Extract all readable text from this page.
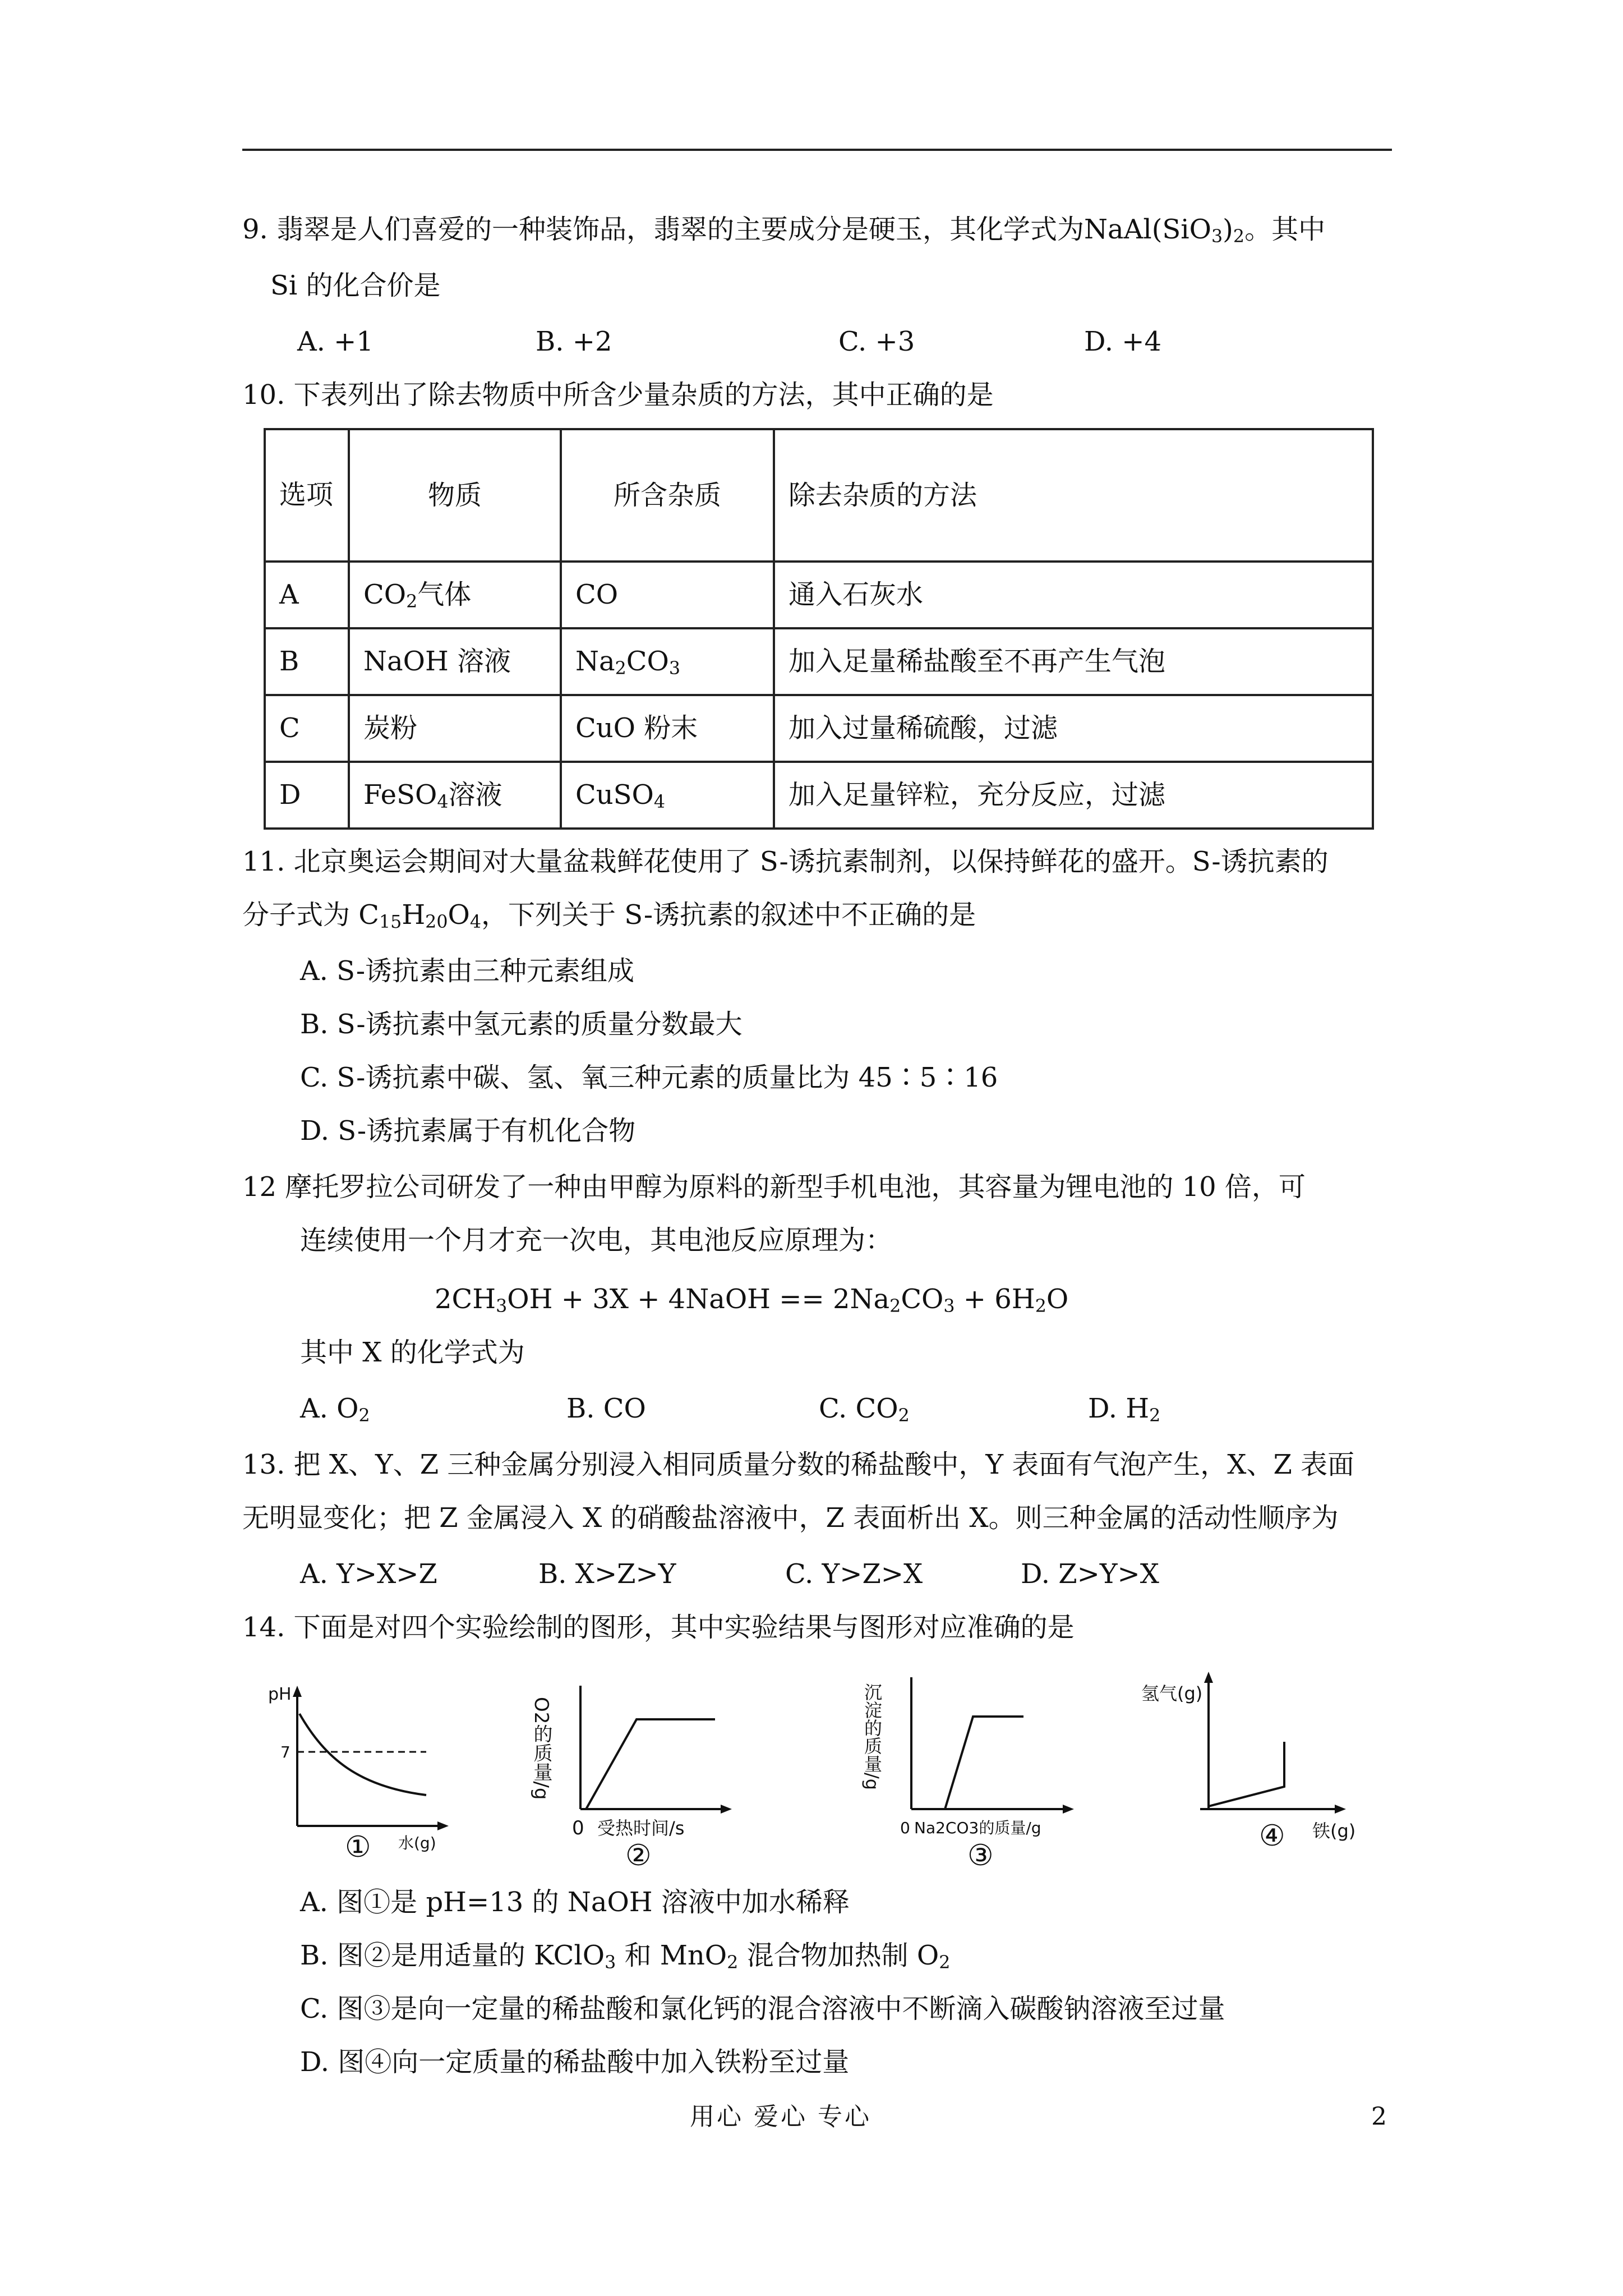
9. 翡翠是人们喜爱的一种装饰品，翡翠的主要成分是硬玉，其化学式为$NaAl(SiO_3)_2$。其中
Si 的化合价是
A. +1	B. +2	C. +3	D. +4
10. 下表列出了除去物质中所含少量杂质的方法，其中正确的是
选项	物质	所含杂质	除去杂质的方法
A	$CO_2$气体	CO	通入石灰水
B	NaOH 溶液	$Na_2CO_3$	加入足量稀盐酸至不再产生气泡
C	炭粉	CuO 粉末	加入过量稀硫酸，过滤
D	FeSO$_4$溶液	CuSO$_4$	加入足量锌粒，充分反应，过滤
11. 北京奥运会期间对大量盆栽鲜花使用了 S-诱抗素制剂，以保持鲜花的盛开。S-诱抗素的
分子式为 $C_{15}H_{20}O_4$，下列关于 S-诱抗素的叙述中不正确的是
A. S-诱抗素由三种元素组成
B. S-诱抗素中氢元素的质量分数最大
C. S-诱抗素中碳、氢、氧三种元素的质量比为 45∶5∶16
D. S-诱抗素属于有机化合物
12 摩托罗拉公司研发了一种由甲醇为原料的新型手机电池，其容量为锂电池的 10 倍，可
连续使用一个月才充一次电，其电池反应原理为：
$2CH_3OH + 3X$ + 4NaOH == $2Na_2CO_3 + 6H_2O$
其中 X 的化学式为
A. $O_2$	B. CO	C. $CO_2$	D. $H_2$
13. 把 X、Y、Z 三种金属分别浸入相同质量分数的稀盐酸中，Y 表面有气泡产生，X、Z 表面
无明显变化；把 Z 金属浸入 X 的硝酸盐溶液中，Z 表面析出 X。则三种金属的活动性顺序为
A. Y>X>Z	B. X>Z>Y	C. Y>Z>X	D. Z>Y>X
14. 下面是对四个实验绘制的图形，其中实验结果与图形对应准确的是
pH
7
水(g)
①
O2的质量/g
0 受热时间/s
②
沉淀的质量/g
0 Na2CO3的质量/g
③
氢气(g)
铁(g)
④
A. 图①是 pH=13 的 NaOH 溶液中加水稀释
B. 图②是用适量的 KClO$_3$ 和 MnO$_2$ 混合物加热制 $O_2$
C. 图③是向一定量的稀盐酸和氯化钙的混合溶液中不断滴入碳酸钠溶液至过量
D. 图④向一定质量的稀盐酸中加入铁粉至过量
用心 爱心 专心	2
